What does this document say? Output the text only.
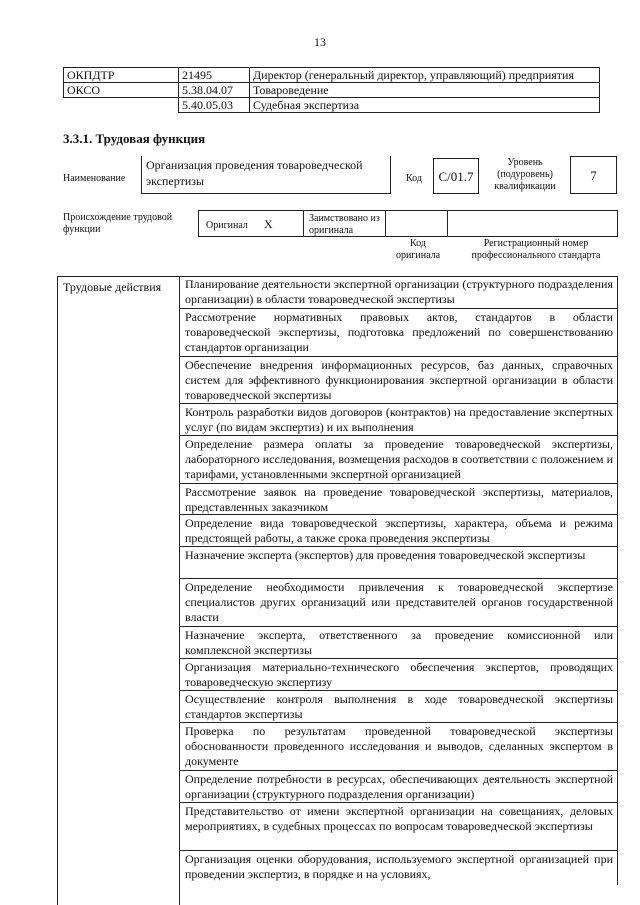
13
ОКПДТР	21495	Директор (генеральный директор, управляющий) предприятия
ОКСО	5.38.04.07	Товароведение
	5.40.05.03	Судебная экспертиза
3.3.1. Трудовая функция
Наименование
Организация проведения товароведческой экспертизы	Код	C/01.7
Уровень (подуровень) квалификации
7
Происхождение трудовой функции	Оригинал X	Заимствовано из оригинала
Код оригинала
Регистрационный номер профессионального стандарта
Трудовые действия	Планирование деятельности экспертной организации (структурного подразделения организации) в области товароведческой экспертизы
Рассмотрение нормативных правовых актов, стандартов в области товароведческой экспертизы, подготовка предложений по совершенствованию стандартов организации
Обеспечение внедрения информационных ресурсов, баз данных, справочных систем для эффективного функционирования экспертной организации в области товароведческой экспертизы
Контроль разработки видов договоров (контрактов) на предоставление экспертных услуг (по видам экспертиз) и их выполнения
Определение размера оплаты за проведение товароведческой экспертизы, лабораторного исследования, возмещения расходов в соответствии с положением и тарифами, установленными экспертной организацией
Рассмотрение заявок на проведение товароведческой экспертизы, материалов, представленных заказчиком
Определение вида товароведческой экспертизы, характера, объема и режима предстоящей работы, а также срока проведения экспертизы
Назначение эксперта (экспертов) для проведения товароведческой экспертизы
Определение необходимости привлечения к товароведческой экспертизе специалистов других организаций или представителей органов государственной власти
Назначение эксперта, ответственного за проведение комиссионной или комплексной экспертизы
Организация материально-технического обеспечения экспертов, проводящих товароведческую экспертизу
Осуществление контроля выполнения в ходе товароведческой экспертизы стандартов экспертизы
Проверка по результатам проведенной товароведческой экспертизы обоснованности проведенного исследования и выводов, сделанных экспертом в документе
Определение потребности в ресурсах, обеспечивающих деятельность экспертной организации (структурного подразделения организации)
Представительство от имени экспертной организации на совещаниях, деловых мероприятиях, в судебных процессах по вопросам товароведческой экспертизы
Организация оценки оборудования, используемого экспертной организацией при проведении экспертиз, в порядке и на условиях,
